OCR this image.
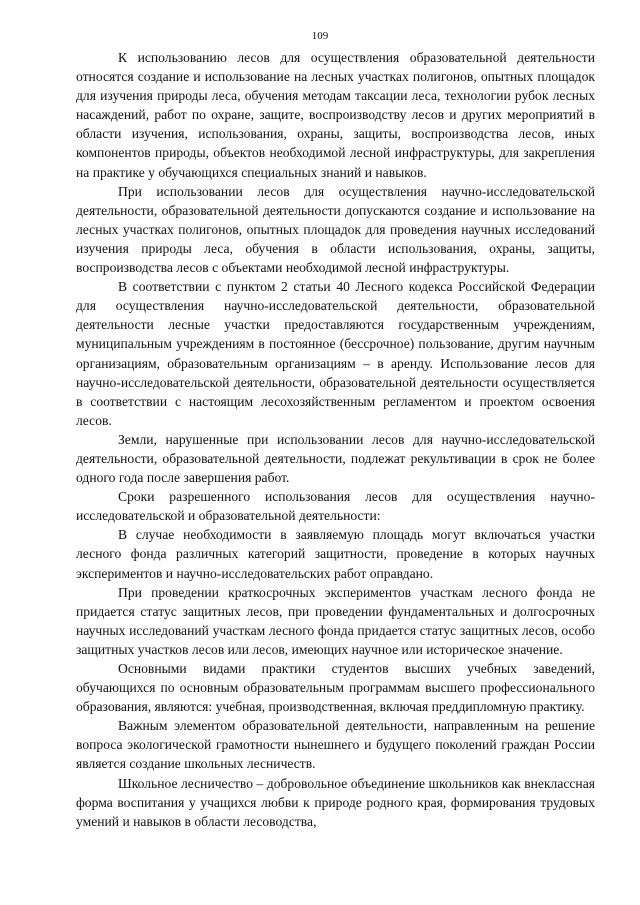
109

К использованию лесов для осуществления образовательной деятельности относятся создание и использование на лесных участках полигонов, опытных площадок для изучения природы леса, обучения методам таксации леса, технологии рубок лесных насаждений, работ по охране, защите, воспроизводству лесов и других мероприятий в области изучения, использования, охраны, защиты, воспроизводства лесов, иных компонентов природы, объектов необходимой лесной инфраструктуры, для закрепления на практике у обучающихся специальных знаний и навыков.

При использовании лесов для осуществления научно-исследовательской деятельности, образовательной деятельности допускаются создание и использование на лесных участках полигонов, опытных площадок для проведения научных исследований изучения природы леса, обучения в области использования, охраны, защиты, воспроизводства лесов с объектами необходимой лесной инфраструктуры.

В соответствии с пунктом 2 статьи 40 Лесного кодекса Российской Федерации для осуществления научно-исследовательской деятельности, образовательной деятельности лесные участки предоставляются государственным учреждениям, муниципальным учреждениям в постоянное (бессрочное) пользование, другим научным организациям, образовательным организациям – в аренду. Использование лесов для научно-исследовательской деятельности, образовательной деятельности осуществляется в соответствии с настоящим лесохозяйственным регламентом и проектом освоения лесов.

Земли, нарушенные при использовании лесов для научно-исследовательской деятельности, образовательной деятельности, подлежат рекультивации в срок не более одного года после завершения работ.

Сроки разрешенного использования лесов для осуществления научно-исследовательской и образовательной деятельности:

В случае необходимости в заявляемую площадь могут включаться участки лесного фонда различных категорий защитности, проведение в которых научных экспериментов и научно-исследовательских работ оправдано.

При проведении краткосрочных экспериментов участкам лесного фонда не придается статус защитных лесов, при проведении фундаментальных и долгосрочных научных исследований участкам лесного фонда придается статус защитных лесов, особо защитных участков лесов или лесов, имеющих научное или историческое значение.

Основными видами практики студентов высших учебных заведений, обучающихся по основным образовательным программам высшего профессионального образования, являются: учебная, производственная, включая преддипломную практику.

Важным элементом образовательной деятельности, направленным на решение вопроса экологической грамотности нынешнего и будущего поколений граждан России является создание школьных лесничеств.

Школьное лесничество – добровольное объединение школьников как внеклассная форма воспитания у учащихся любви к природе родного края, формирования трудовых умений и навыков в области лесоводства,
